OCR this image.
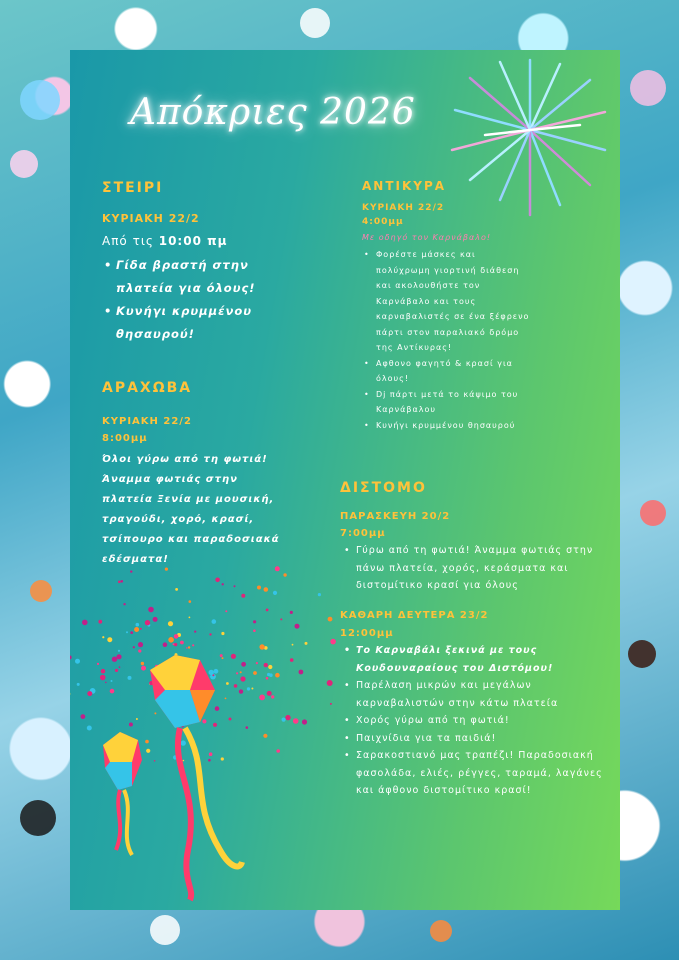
Απόκριες 2026
ΣΤΕΙΡΙ
ΚΥΡΙΑΚΗ 22/2
Από τις 10:00 πμ
• Γίδα βραστή στην πλατεία για όλους!
• Κυνήγι κρυμμένου θησαυρού!
ΑΡΑΧΩΒΑ
ΚΥΡΙΑΚΗ 22/2
8:00μμ
Όλοι γύρω από τη φωτιά! Άναμμα φωτιάς στην πλατεία Ξενία με μουσική, τραγούδι, χορό, κρασί, τσίπουρο και παραδοσιακά εδέσματα!
ΑΝΤΙΚΥΡΑ
ΚΥΡΙΑΚΗ 22/2
4:00μμ
Με οδηγό τον Καρνάβαλο!
• Φορέστε μάσκες και πολύχρωμη γιορτινή διάθεση και ακολουθήστε τον Καρνάβαλο και τους καρναβαλιστές σε ένα ξέφρενο πάρτι στον παραλιακό δρόμο της Αντίκυρας!
• Αφθονο φαγητό & κρασί για όλους!
• Dj πάρτι μετά το κάψιμο του Καρνάβαλου
• Κυνήγι κρυμμένου θησαυρού
ΔΙΣΤΟΜΟ
ΠΑΡΑΣΚΕΥΗ 20/2
7:00μμ
• Γύρω από τη φωτιά! Άναμμα φωτιάς στην πάνω πλατεία, χορός, κεράσματα και διστομίτικο κρασί για όλους
ΚΑΘΑΡΗ ΔΕΥΤΕΡΑ 23/2
12:00μμ
• Το Καρναβάλι ξεκινά με τους Κουδουναραίους του Διστόμου!
• Παρέλαση μικρών και μεγάλων καρναβαλιστών στην κάτω πλατεία
• Χορός γύρω από τη φωτιά!
• Παιχνίδια για τα παιδιά!
• Σαρακοστιανό μας τραπέζι! Παραδοσιακή φασολάδα, ελιές, ρέγγες, ταραμά, λαγάνες και άφθονο διστομίτικο κρασί!
